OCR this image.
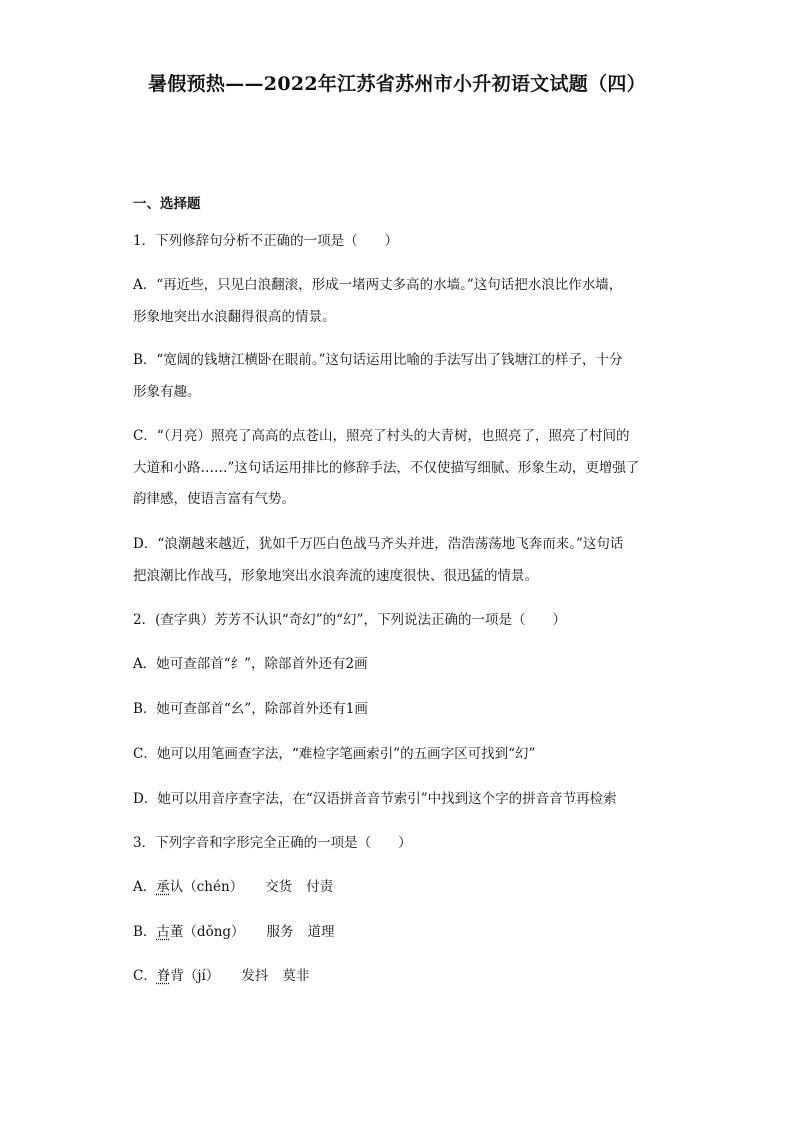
暑假预热——2022年江苏省苏州市小升初语文试题（四）
一、选择题

1．下列修辞句分析不正确的一项是（　　）

A．“再近些，只见白浪翻滚，形成一堵两丈多高的水墙。”这句话把水浪比作水墙，
形象地突出水浪翻得很高的情景。

B．“宽阔的钱塘江横卧在眼前。”这句话运用比喻的手法写出了钱塘江的样子，十分
形象有趣。

C．“（月亮）照亮了高高的点苍山，照亮了村头的大青树，也照亮了，照亮了村间的
大道和小路……”这句话运用排比的修辞手法，不仅使描写细腻、形象生动，更增强了
韵律感，使语言富有气势。

D．“浪潮越来越近，犹如千万匹白色战马齐头并进，浩浩荡荡地飞奔而来。”这句话
把浪潮比作战马，形象地突出水浪奔流的速度很快、很迅猛的情景。

2．(查字典）芳芳不认识“奇幻”的“幻”，下列说法正确的一项是（　　）

A．她可查部首“纟”，除部首外还有2画

B．她可查部首“幺”，除部首外还有1画

C．她可以用笔画查字法，“难检字笔画索引”的五画字区可找到“幻”

D．她可以用音序查字法，在“汉语拼音音节索引”中找到这个字的拼音音节再检索

3．下列字音和字形完全正确的一项是（　　）

A．承认（chén） 交货 付责

B．古董（dǒng） 服务 道理

C．脊背（jí） 发抖 莫非
